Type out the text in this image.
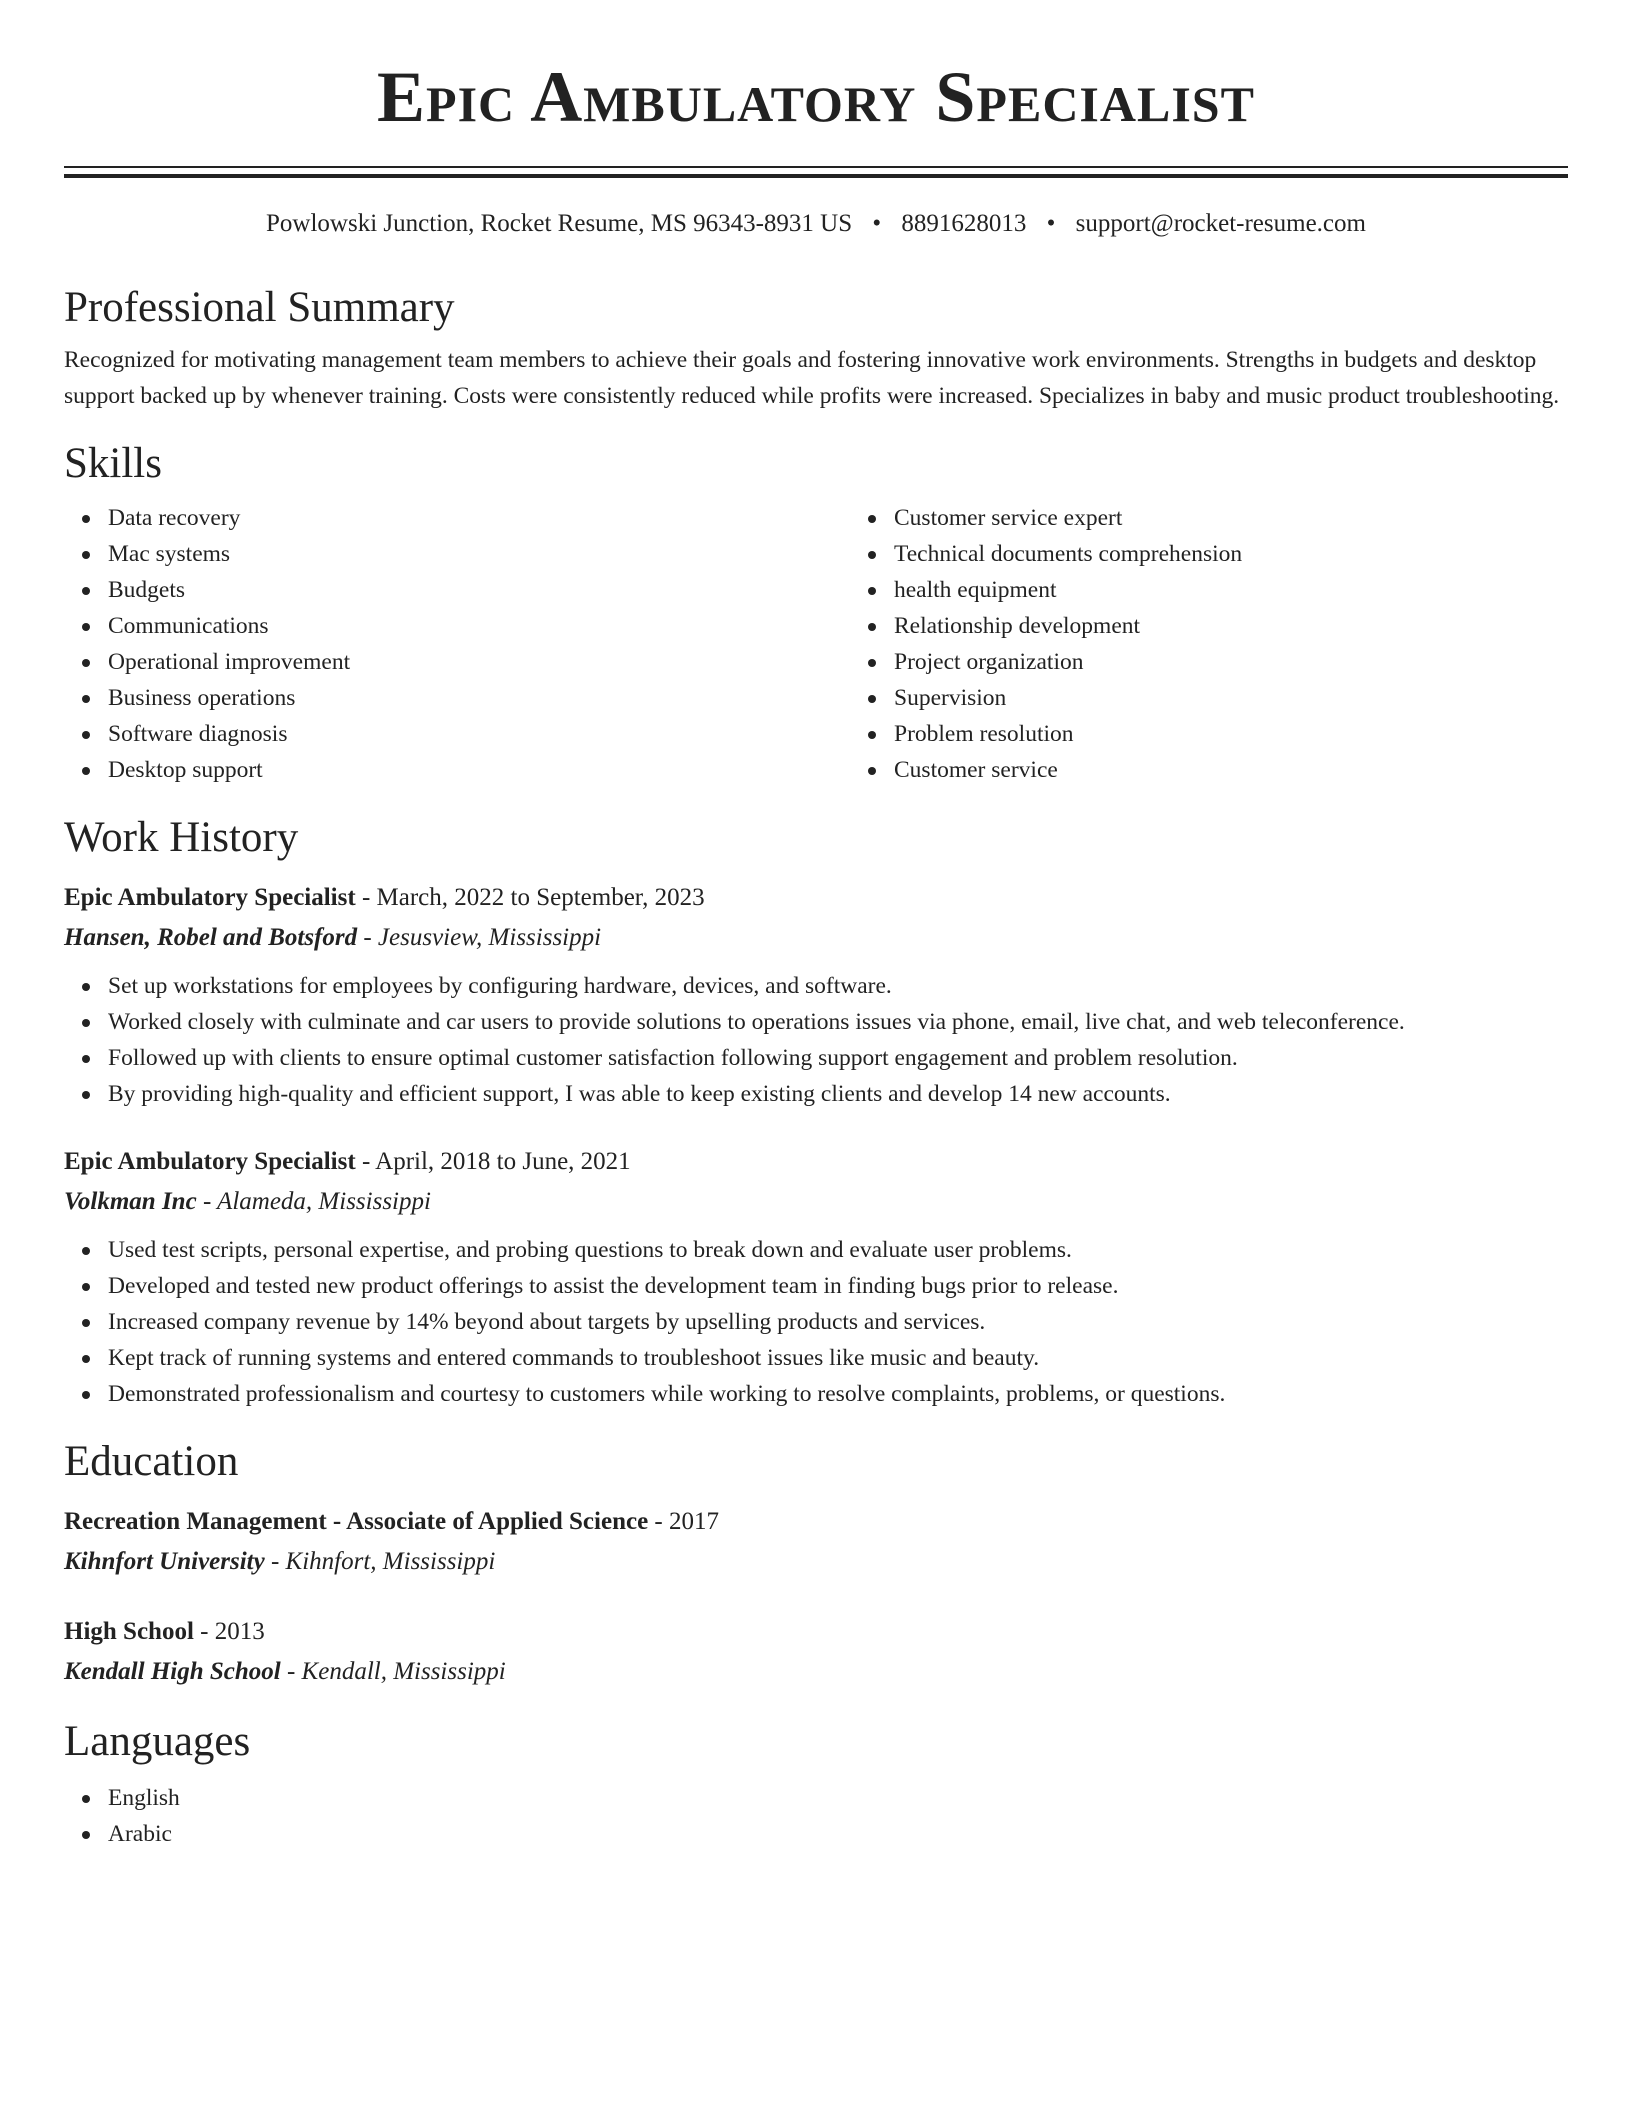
Epic Ambulatory Specialist
Powlowski Junction, Rocket Resume, MS 96343-8931 US • 8891628013 • support@rocket-resume.com
Professional Summary

Recognized for motivating management team members to achieve their goals and fostering innovative work environments. Strengths in budgets and desktop support backed up by whenever training. Costs were consistently reduced while profits were increased. Specializes in baby and music product troubleshooting.

Skills
Data recovery
Mac systems
Budgets
Communications
Operational improvement
Business operations
Software diagnosis
Desktop support
Customer service expert
Technical documents comprehension
health equipment
Relationship development
Project organization
Supervision
Problem resolution
Customer service
Work History
Epic Ambulatory Specialist - March, 2022 to September, 2023
Hansen, Robel and Botsford - Jesusview, Mississippi
Set up workstations for employees by configuring hardware, devices, and software.
Worked closely with culminate and car users to provide solutions to operations issues via phone, email, live chat, and web teleconference.
Followed up with clients to ensure optimal customer satisfaction following support engagement and problem resolution.
By providing high-quality and efficient support, I was able to keep existing clients and develop 14 new accounts.
Epic Ambulatory Specialist - April, 2018 to June, 2021
Volkman Inc - Alameda, Mississippi
Used test scripts, personal expertise, and probing questions to break down and evaluate user problems.
Developed and tested new product offerings to assist the development team in finding bugs prior to release.
Increased company revenue by 14% beyond about targets by upselling products and services.
Kept track of running systems and entered commands to troubleshoot issues like music and beauty.
Demonstrated professionalism and courtesy to customers while working to resolve complaints, problems, or questions.
Education
Recreation Management - Associate of Applied Science - 2017
Kihnfort University - Kihnfort, Mississippi
High School - 2013
Kendall High School - Kendall, Mississippi
Languages
English
Arabic
